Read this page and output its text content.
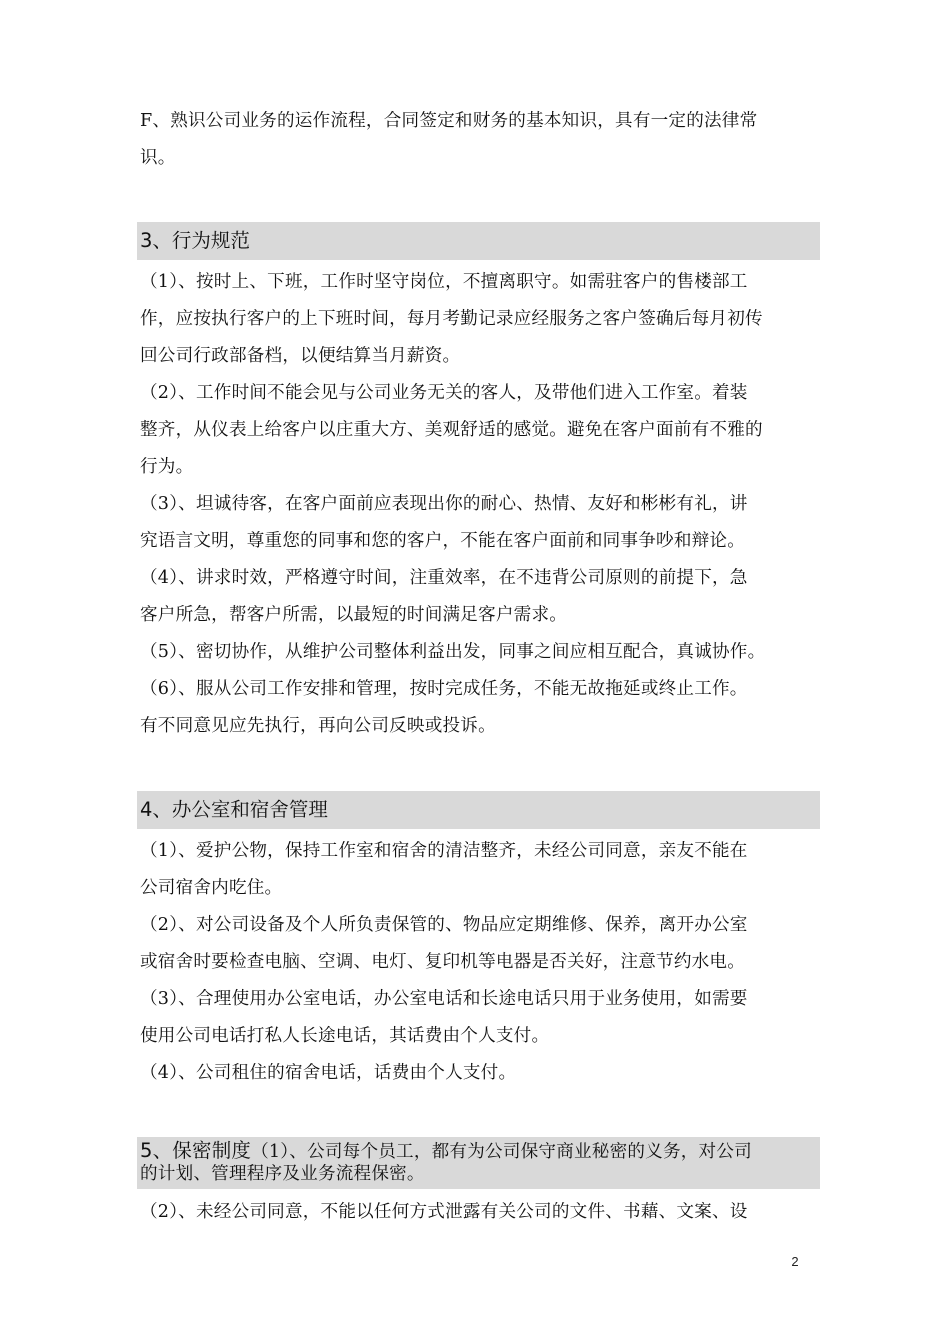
F、熟识公司业务的运作流程，合同签定和财务的基本知识，具有一定的法律常
识。
3、行为规范
（1）、按时上、下班，工作时坚守岗位，不擅离职守。如需驻客户的售楼部工
作，应按执行客户的上下班时间，每月考勤记录应经服务之客户签确后每月初传
回公司行政部备档，以便结算当月薪资。
（2）、工作时间不能会见与公司业务无关的客人，及带他们进入工作室。着装
整齐，从仪表上给客户以庄重大方、美观舒适的感觉。避免在客户面前有不雅的
行为。
（3）、坦诚待客，在客户面前应表现出你的耐心、热情、友好和彬彬有礼，讲
究语言文明，尊重您的同事和您的客户，不能在客户面前和同事争吵和辩论。
（4）、讲求时效，严格遵守时间，注重效率，在不违背公司原则的前提下，急
客户所急，帮客户所需，以最短的时间满足客户需求。
（5）、密切协作，从维护公司整体利益出发，同事之间应相互配合，真诚协作。
（6）、服从公司工作安排和管理，按时完成任务，不能无故拖延或终止工作。
有不同意见应先执行，再向公司反映或投诉。
4、办公室和宿舍管理
（1）、爱护公物，保持工作室和宿舍的清洁整齐，未经公司同意，亲友不能在
公司宿舍内吃住。
（2）、对公司设备及个人所负责保管的、物品应定期维修、保养，离开办公室
或宿舍时要检查电脑、空调、电灯、复印机等电器是否关好，注意节约水电。
（3）、合理使用办公室电话，办公室电话和长途电话只用于业务使用，如需要
使用公司电话打私人长途电话，其话费由个人支付。
（4）、公司租住的宿舍电话，话费由个人支付。
5、保密制度（1）、公司每个员工，都有为公司保守商业秘密的义务，对公司
的计划、管理程序及业务流程保密。
（2）、未经公司同意，不能以任何方式泄露有关公司的文件、书藉、文案、设
2
